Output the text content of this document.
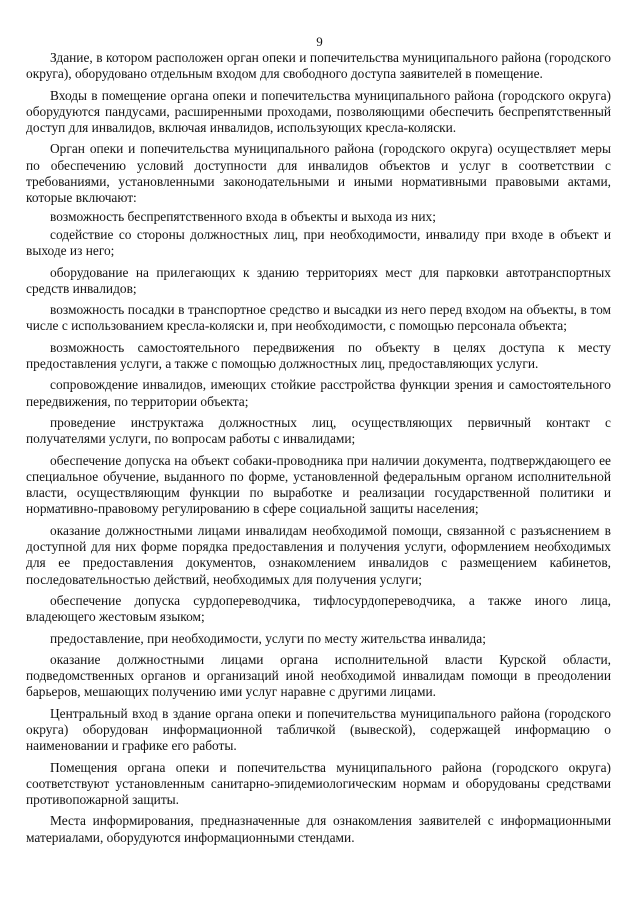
9

Здание, в котором расположен орган опеки и попечительства муниципального района (городского округа), оборудовано отдельным входом для свободного доступа заявителей в помещение.

Входы в помещение органа опеки и попечительства муниципального района (городского округа) оборудуются пандусами, расширенными проходами, позволяющими обеспечить беспрепятственный доступ для инвалидов, включая инвалидов, использующих кресла-коляски.

Орган опеки и попечительства муниципального района (городского округа) осуществляет меры по обеспечению условий доступности для инвалидов объектов и услуг в соответствии с требованиями, установленными законодательными и иными нормативными правовыми актами, которые включают:

возможность беспрепятственного входа в объекты и выхода из них;

содействие со стороны должностных лиц, при необходимости, инвалиду при входе в объект и выходе из него;

оборудование на прилегающих к зданию территориях мест для парковки автотранспортных средств инвалидов;

возможность посадки в транспортное средство и высадки из него перед входом на объекты, в том числе с использованием кресла-коляски и, при необходимости, с помощью персонала объекта;

возможность самостоятельного передвижения по объекту в целях доступа к месту предоставления услуги, а также с помощью должностных лиц, предоставляющих услуги.

сопровождение инвалидов, имеющих стойкие расстройства функции зрения и самостоятельного передвижения, по территории объекта;

проведение инструктажа должностных лиц, осуществляющих первичный контакт с получателями услуги, по вопросам работы с инвалидами;

обеспечение допуска на объект собаки-проводника при наличии документа, подтверждающего ее специальное обучение, выданного по форме, установленной федеральным органом исполнительной власти, осуществляющим функции по выработке и реализации государственной политики и нормативно-правовому регулированию в сфере социальной защиты населения;

оказание должностными лицами инвалидам необходимой помощи, связанной с разъяснением в доступной для них форме порядка предоставления и получения услуги, оформлением необходимых для ее предоставления документов, ознакомлением инвалидов с размещением кабинетов, последовательностью действий, необходимых для получения услуги;

обеспечение допуска сурдопереводчика, тифлосурдопереводчика, а также иного лица, владеющего жестовым языком;

предоставление, при необходимости, услуги по месту жительства инвалида;

оказание должностными лицами органа исполнительной власти Курской области, подведомственных органов и организаций иной необходимой инвалидам помощи в преодолении барьеров, мешающих получению ими услуг наравне с другими лицами.

Центральный вход в здание органа опеки и попечительства муниципального района (городского округа) оборудован информационной табличкой (вывеской), содержащей информацию о наименовании и графике его работы.

Помещения органа опеки и попечительства муниципального района (городского округа) соответствуют установленным санитарно-эпидемиологическим нормам и оборудованы средствами противопожарной защиты.

Места информирования, предназначенные для ознакомления заявителей с информационными материалами, оборудуются информационными стендами.
